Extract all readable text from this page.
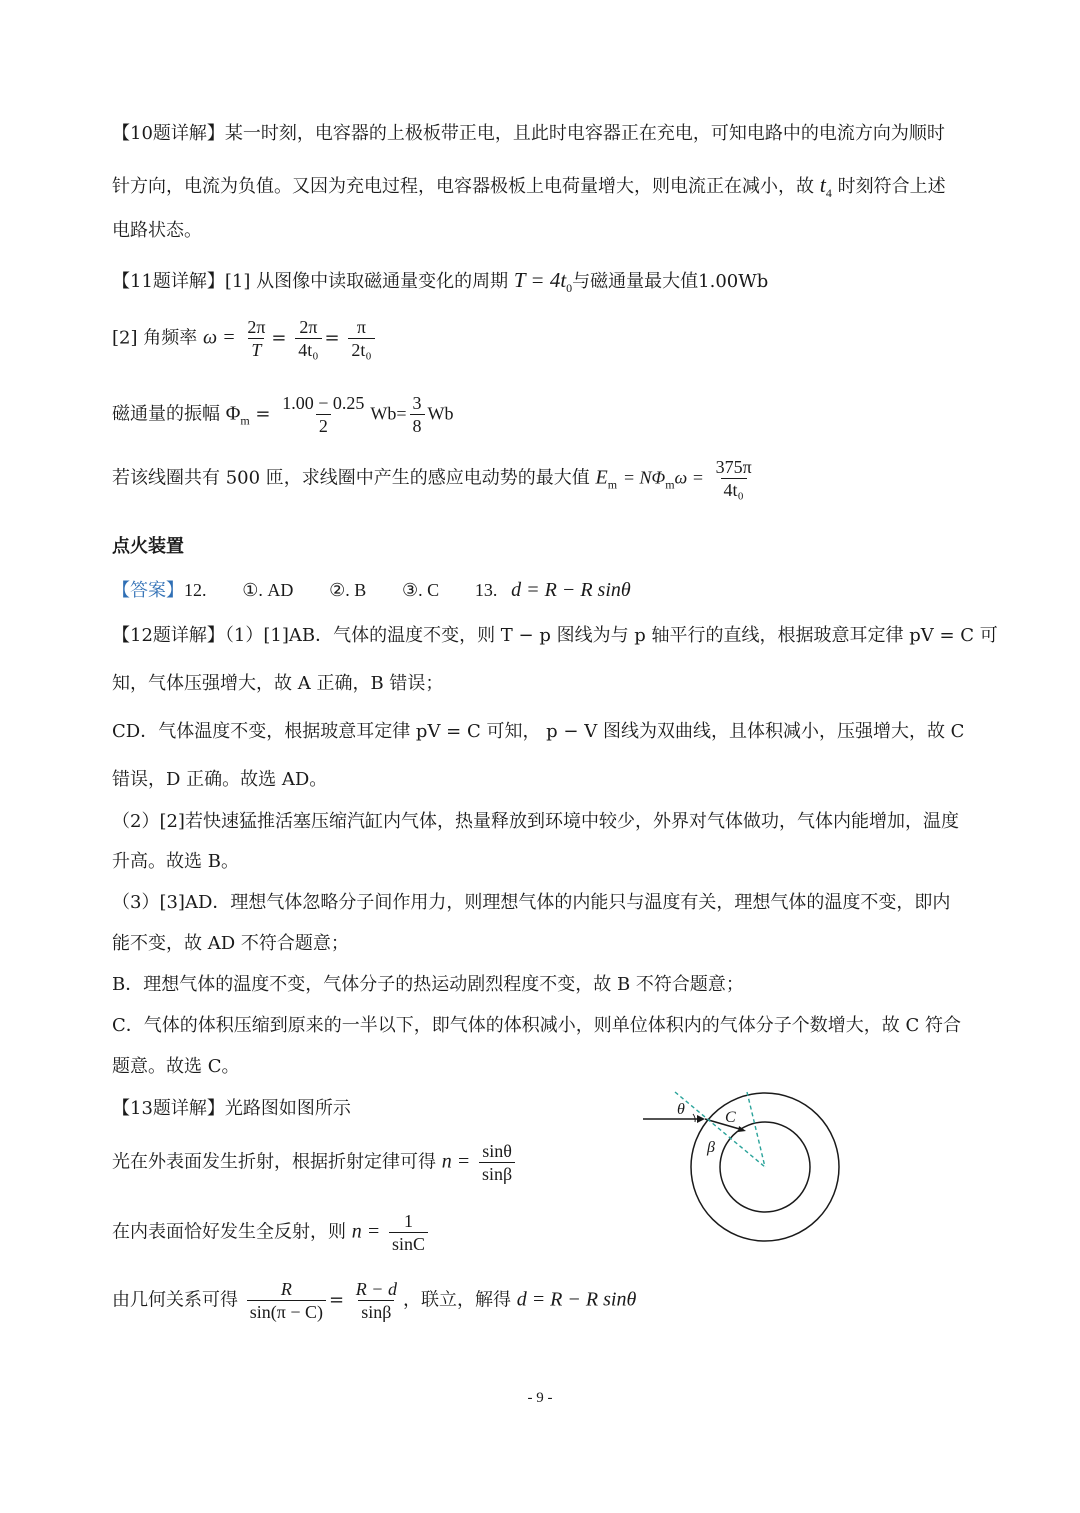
【10题详解】某一时刻，电容器的上极板带正电，且此时电容器正在充电，可知电路中的电流方向为顺时
针方向，电流为负值。又因为充电过程，电容器极板上电荷量增大，则电流正在减小，故 $t_4$ 时刻符合上述
电路状态。
【11题详解】[1] 从图像中读取磁通量变化的周期 $T = 4t_0$与磁通量最大值1.00Wb
[2] 角频率 $\omega = \frac{2\pi}{T} = \frac{2\pi}{\text{4t₀}} = \frac{\pi}{\text{2t₀}}$
磁通量的振幅 $\Phi_m = \frac{1.00 - 0.25}{2} Wb= \frac{3}{8}$ Wb
若该线圈共有 500 匝，求线圈中产生的感应电动势的最大值 $E_m = N\Phi_m\omega = \frac{375\pi}{\text{4t₀}}$
点火装置
【答案】12. ①. AD ②. B ③. C 13. d = R − R sinθ
【12题详解】（1）[1]AB．气体的温度不变，则 T − p 图线为与 p 轴平行的直线，根据玻意耳定律 pV = C 可
知，气体压强增大，故 A 正确，B 错误；
CD．气体温度不变，根据玻意耳定律 pV = C 可知， p − V 图线为双曲线，且体积减小，压强增大，故 C
错误，D 正确。故选 AD。
（2）[2]若快速猛推活塞压缩汽缸内气体，热量释放到环境中较少，外界对气体做功，气体内能增加，温度
升高。故选 B。
（3）[3]AD．理想气体忽略分子间作用力，则理想气体的内能只与温度有关，理想气体的温度不变，即内
能不变，故 AD 不符合题意；
B．理想气体的温度不变，气体分子的热运动剧烈程度不变，故 B 不符合题意；
C．气体的体积压缩到原来的一半以下，即气体的体积减小，则单位体积内的气体分子个数增大，故 C 符合
题意。故选 C。
【13题详解】光路图如图所示
光在外表面发生折射，根据折射定律可得 $n = \frac{\sin\theta}{\sin\beta}$
在内表面恰好发生全反射，则 $n = \frac{1}{\sin C}$
由几何关系可得 $\frac{R}{\sin(\pi - C)} = \frac{R - d}{\sin\beta}$ ，联立，解得 d = R − R sinθ
θ	C
β
- 9 -
